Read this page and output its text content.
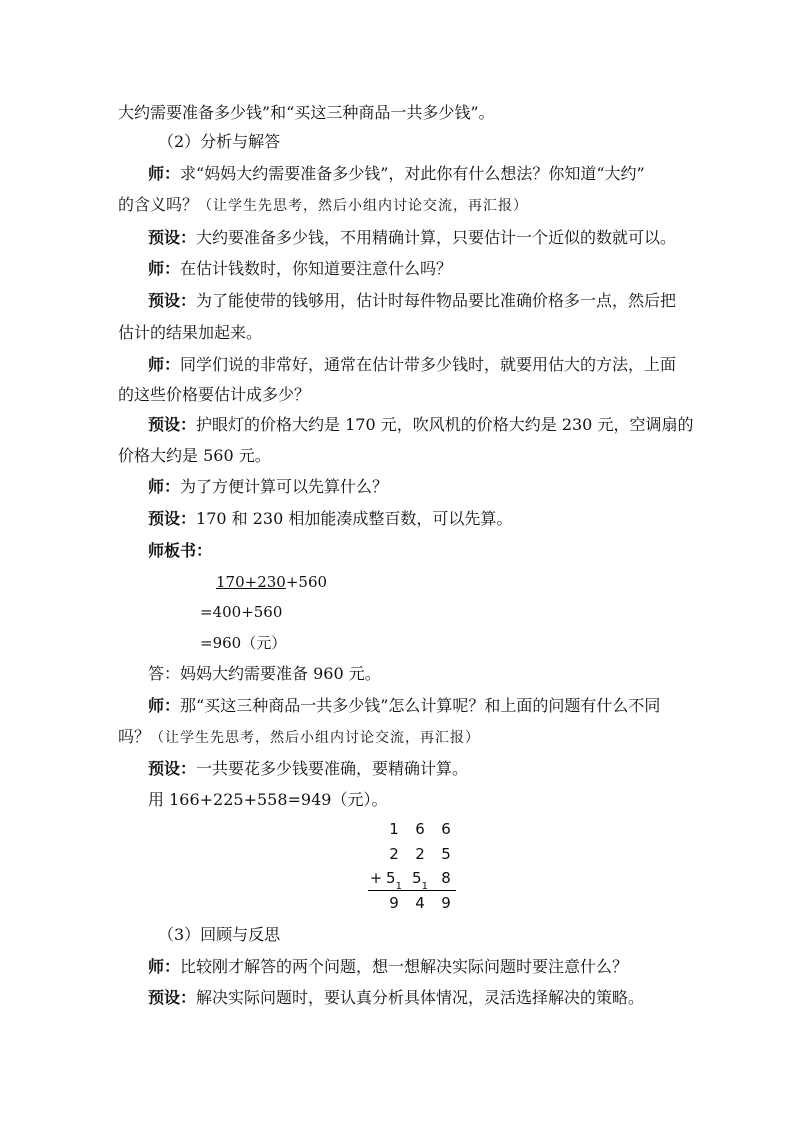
大约需要准备多少钱”和“买这三种商品一共多少钱”。
（2）分析与解答
师：求“妈妈大约需要准备多少钱”，对此你有什么想法？你知道“大约”
的含义吗？（让学生先思考，然后小组内讨论交流，再汇报）
预设：大约要准备多少钱，不用精确计算，只要估计一个近似的数就可以。
师：在估计钱数时，你知道要注意什么吗？
预设：为了能使带的钱够用，估计时每件物品要比准确价格多一点，然后把
估计的结果加起来。
师：同学们说的非常好，通常在估计带多少钱时，就要用估大的方法，上面
的这些价格要估计成多少？
预设：护眼灯的价格大约是 170 元，吹风机的价格大约是 230 元，空调扇的
价格大约是 560 元。
师：为了方便计算可以先算什么？
预设：170 和 230 相加能凑成整百数，可以先算。
师板书：
170+230+560
=400+560
=960（元）
答：妈妈大约需要准备 960 元。
师：那“买这三种商品一共多少钱”怎么计算呢？和上面的问题有什么不同
吗？（让学生先思考，然后小组内讨论交流，再汇报）
预设：一共要花多少钱要准确，要精确计算。
用 166+225+558=949（元）。
1	6	6
2	2	5
+ $5_1$ $5_1$ 8
9	4	9
（3）回顾与反思
师：比较刚才解答的两个问题，想一想解决实际问题时要注意什么？
预设：解决实际问题时，要认真分析具体情况，灵活选择解决的策略。
